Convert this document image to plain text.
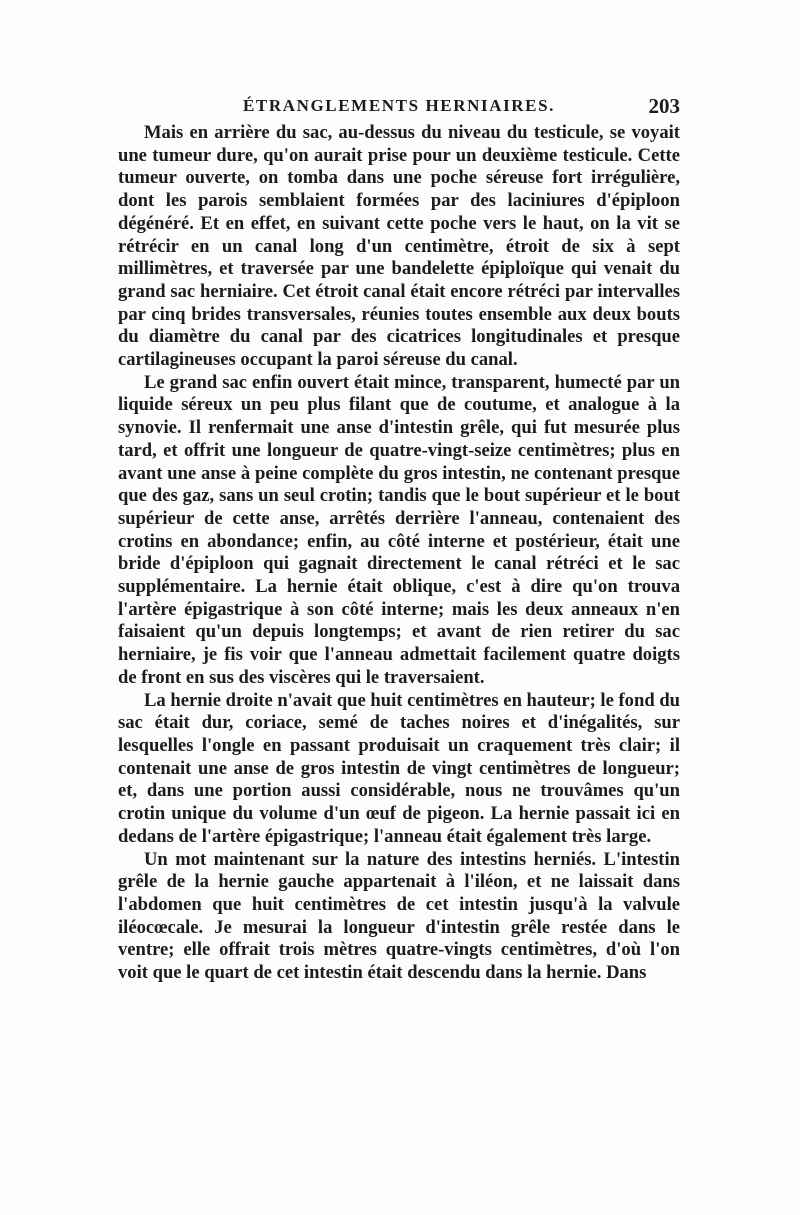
ÉTRANGLEMENTS HERNIAIRES.	203

Mais en arrière du sac, au-dessus du niveau du testicule, se voyait une tumeur dure, qu'on aurait prise pour un deuxième testicule. Cette tumeur ouverte, on tomba dans une poche séreuse fort irrégulière, dont les parois semblaient formées par des laciniures d'épiploon dégénéré. Et en effet, en suivant cette poche vers le haut, on la vit se rétrécir en un canal long d'un centimètre, étroit de six à sept millimètres, et traversée par une bandelette épiploïque qui venait du grand sac herniaire. Cet étroit canal était encore rétréci par intervalles par cinq brides transversales, réunies toutes ensemble aux deux bouts du diamètre du canal par des cicatrices longitudinales et presque cartilagineuses occupant la paroi séreuse du canal.

Le grand sac enfin ouvert était mince, transparent, humecté par un liquide séreux un peu plus filant que de coutume, et analogue à la synovie. Il renfermait une anse d'intestin grêle, qui fut mesurée plus tard, et offrit une longueur de quatre-vingt-seize centimètres; plus en avant une anse à peine complète du gros intestin, ne contenant presque que des gaz, sans un seul crotin; tandis que le bout supérieur et le bout supérieur de cette anse, arrêtés derrière l'anneau, contenaient des crotins en abondance; enfin, au côté interne et postérieur, était une bride d'épiploon qui gagnait directement le canal rétréci et le sac supplémentaire. La hernie était oblique, c'est à dire qu'on trouva l'artère épigastrique à son côté interne; mais les deux anneaux n'en faisaient qu'un depuis longtemps; et avant de rien retirer du sac herniaire, je fis voir que l'anneau admettait facilement quatre doigts de front en sus des viscères qui le traversaient.

La hernie droite n'avait que huit centimètres en hauteur; le fond du sac était dur, coriace, semé de taches noires et d'inégalités, sur lesquelles l'ongle en passant produisait un craquement très clair; il contenait une anse de gros intestin de vingt centimètres de longueur; et, dans une portion aussi considérable, nous ne trouvâmes qu'un crotin unique du volume d'un œuf de pigeon. La hernie passait ici en dedans de l'artère épigastrique; l'anneau était également très large.

Un mot maintenant sur la nature des intestins herniés. L'intestin grêle de la hernie gauche appartenait à l'iléon, et ne laissait dans l'abdomen que huit centimètres de cet intestin jusqu'à la valvule iléocœcale. Je mesurai la longueur d'intestin grêle restée dans le ventre; elle offrait trois mètres quatre-vingts centimètres, d'où l'on voit que le quart de cet intestin était descendu dans la hernie. Dans
